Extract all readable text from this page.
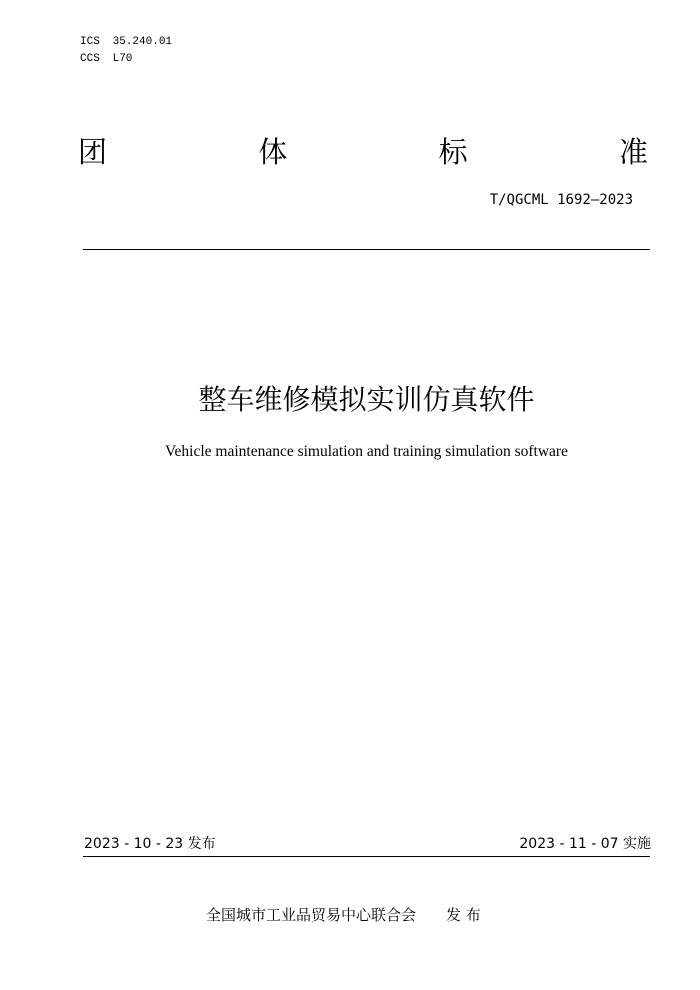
ICS 35.240.01
CCS L70
团	体	标	准
T/QGCML 1692—2023
整车维修模拟实训仿真软件
Vehicle maintenance simulation and training simulation software
2023 - 10 - 23 发布	2023 - 11 - 07 实施
全国城市工业品贸易中心联合会 发 布
